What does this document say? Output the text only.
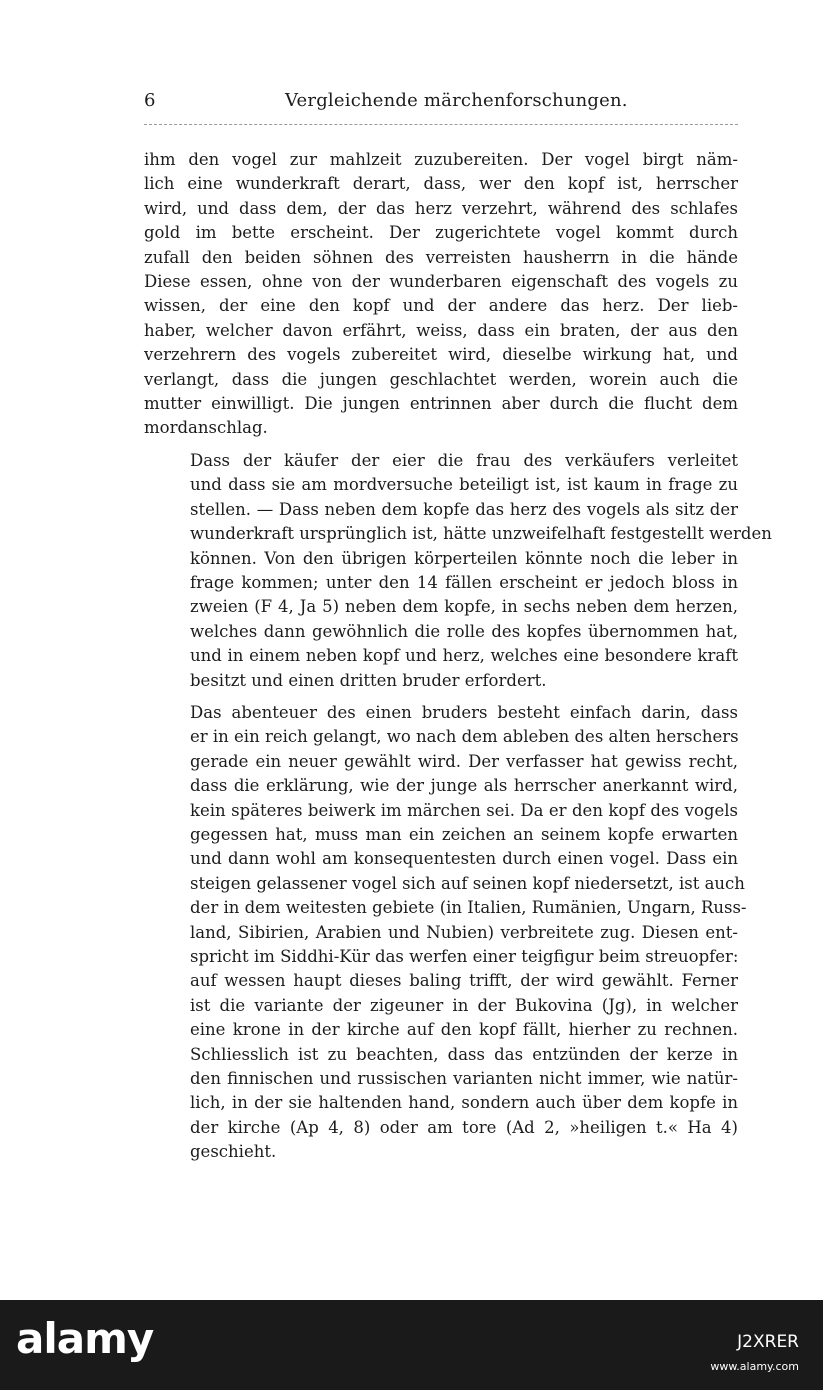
6	Vergleichende märchenforschungen.
ihm den vogel zur mahlzeit zuzubereiten. Der vogel birgt näm-
lich eine wunderkraft derart, dass, wer den kopf ist, herrscher
wird, und dass dem, der das herz verzehrt, während des schlafes
gold im bette erscheint. Der zugerichtete vogel kommt durch
zufall den beiden söhnen des verreisten hausherrn in die hände
Diese essen, ohne von der wunderbaren eigenschaft des vogels zu
wissen, der eine den kopf und der andere das herz. Der lieb-
haber, welcher davon erfährt, weiss, dass ein braten, der aus den
verzehrern des vogels zubereitet wird, dieselbe wirkung hat, und
verlangt, dass die jungen geschlachtet werden, worein auch die
mutter einwilligt. Die jungen entrinnen aber durch die flucht dem
mordanschlag.
Dass der käufer der eier die frau des verkäufers verleitet
und dass sie am mordversuche beteiligt ist, ist kaum in frage zu
stellen. — Dass neben dem kopfe das herz des vogels als sitz der
wunderkraft ursprünglich ist, hätte unzweifelhaft festgestellt werden
können. Von den übrigen körperteilen könnte noch die leber in
frage kommen; unter den 14 fällen erscheint er jedoch bloss in
zweien (F 4, Ja 5) neben dem kopfe, in sechs neben dem herzen,
welches dann gewöhnlich die rolle des kopfes übernommen hat,
und in einem neben kopf und herz, welches eine besondere kraft
besitzt und einen dritten bruder erfordert.
Das abenteuer des einen bruders besteht einfach darin, dass
er in ein reich gelangt, wo nach dem ableben des alten herschers
gerade ein neuer gewählt wird. Der verfasser hat gewiss recht,
dass die erklärung, wie der junge als herrscher anerkannt wird,
kein späteres beiwerk im märchen sei. Da er den kopf des vogels
gegessen hat, muss man ein zeichen an seinem kopfe erwarten
und dann wohl am konsequentesten durch einen vogel. Dass ein
steigen gelassener vogel sich auf seinen kopf niedersetzt, ist auch
der in dem weitesten gebiete (in Italien, Rumänien, Ungarn, Russ-
land, Sibirien, Arabien und Nubien) verbreitete zug. Diesen ent-
spricht im Siddhi-Kür das werfen einer teigfigur beim streuopfer:
auf wessen haupt dieses baling trifft, der wird gewählt. Ferner
ist die variante der zigeuner in der Bukovina (Jg), in welcher
eine krone in der kirche auf den kopf fällt, hierher zu rechnen.
Schliesslich ist zu beachten, dass das entzünden der kerze in
den finnischen und russischen varianten nicht immer, wie natür-
lich, in der sie haltenden hand, sondern auch über dem kopfe in
der kirche (Ap 4, 8) oder am tore (Ad 2, »heiligen t.« Ha 4)
geschieht.
alamy	J2XRER
www.alamy.com
